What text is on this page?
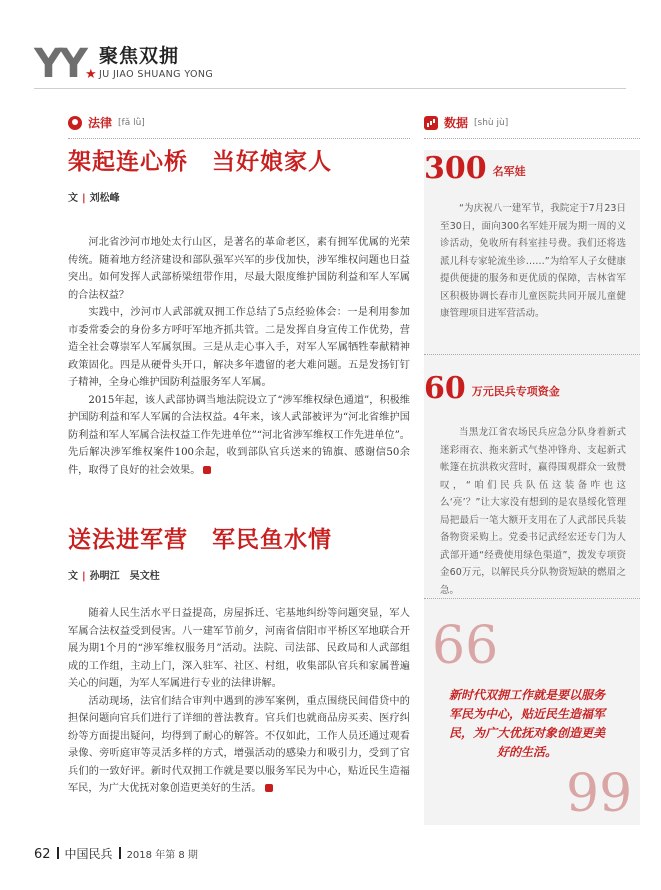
YY ★
聚焦双拥
JU JIAO SHUANG YONG
法律 [fǎ lǜ]
架起连心桥　当好娘家人
文 | 刘松峰

河北省沙河市地处太行山区，是著名的革命老区，素有拥军优属的光荣传统。随着地方经济建设和部队强军兴军的步伐加快，涉军维权问题也日益突出。如何发挥人武部桥梁纽带作用，尽最大限度维护国防利益和军人军属的合法权益？

实践中，沙河市人武部就双拥工作总结了5点经验体会：一是利用参加市委常委会的身份多方呼吁军地齐抓共管。二是发挥自身宣传工作优势，营造全社会尊崇军人军属氛围。三是从走心事入手，对军人军属牺牲奉献精神政策固化。四是从硬骨头开口，解决多年遗留的老大难问题。五是发扬钉钉子精神，全身心维护国防利益服务军人军属。

2015年起，该人武部协调当地法院设立了“涉军维权绿色通道”，积极维护国防利益和军人军属的合法权益。4年来，该人武部被评为“河北省维护国防利益和军人军属合法权益工作先进单位”“河北省涉军维权工作先进单位”。先后解决涉军维权案件100余起，收到部队官兵送来的锦旗、感谢信50余件，取得了良好的社会效果。

送法进军营　军民鱼水情
文 | 孙明江　吴文柱

随着人民生活水平日益提高，房屋拆迁、宅基地纠纷等问题突显，军人军属合法权益受到侵害。八一建军节前夕，河南省信阳市平桥区军地联合开展为期1个月的“涉军维权服务月”活动。法院、司法部、民政局和人武部组成的工作组，主动上门，深入驻军、社区、村组，收集部队官兵和家属普遍关心的问题，为军人军属进行专业的法律讲解。

活动现场，法官们结合审判中遇到的涉军案例，重点围绕民间借贷中的担保问题向官兵们进行了详细的普法教育。官兵们也就商品房买卖、医疗纠纷等方面提出疑问，均得到了耐心的解答。不仅如此，工作人员还通过观看录像、旁听庭审等灵活多样的方式，增强活动的感染力和吸引力，受到了官兵们的一致好评。新时代双拥工作就是要以服务军民为中心，贴近民生造福军民，为广大优抚对象创造更美好的生活。

数据 [shù jù]
300 名军娃

“为庆祝八一建军节，我院定于7月23日至30日，面向300名军娃开展为期一周的义诊活动，免收所有科室挂号费。我们还将选派儿科专家轮流坐诊……”为给军人子女健康提供便捷的服务和更优质的保障，吉林省军区积极协调长春市儿童医院共同开展儿童健康管理项目进军营活动。

60 万元民兵专项资金

当黑龙江省农场民兵应急分队身着新式迷彩雨衣、拖来新式气垫冲锋舟、支起新式帐篷在抗洪救灾营时，赢得围观群众一致赞叹，“咱们民兵队伍这装备咋也这么‘亮’？”让大家没有想到的是农垦绥化管理局把最后一笔大额开支用在了人武部民兵装备物资采购上。党委书记武经宏还专门为人武部开通“经费使用绿色渠道”，拨发专项资金60万元，以解民兵分队物资短缺的燃眉之急。

66
新时代双拥工作就是要以服务军民为中心，贴近民生造福军民，为广大优抚对象创造更美好的生活。
99
62 中国民兵 2018 年第 8 期
